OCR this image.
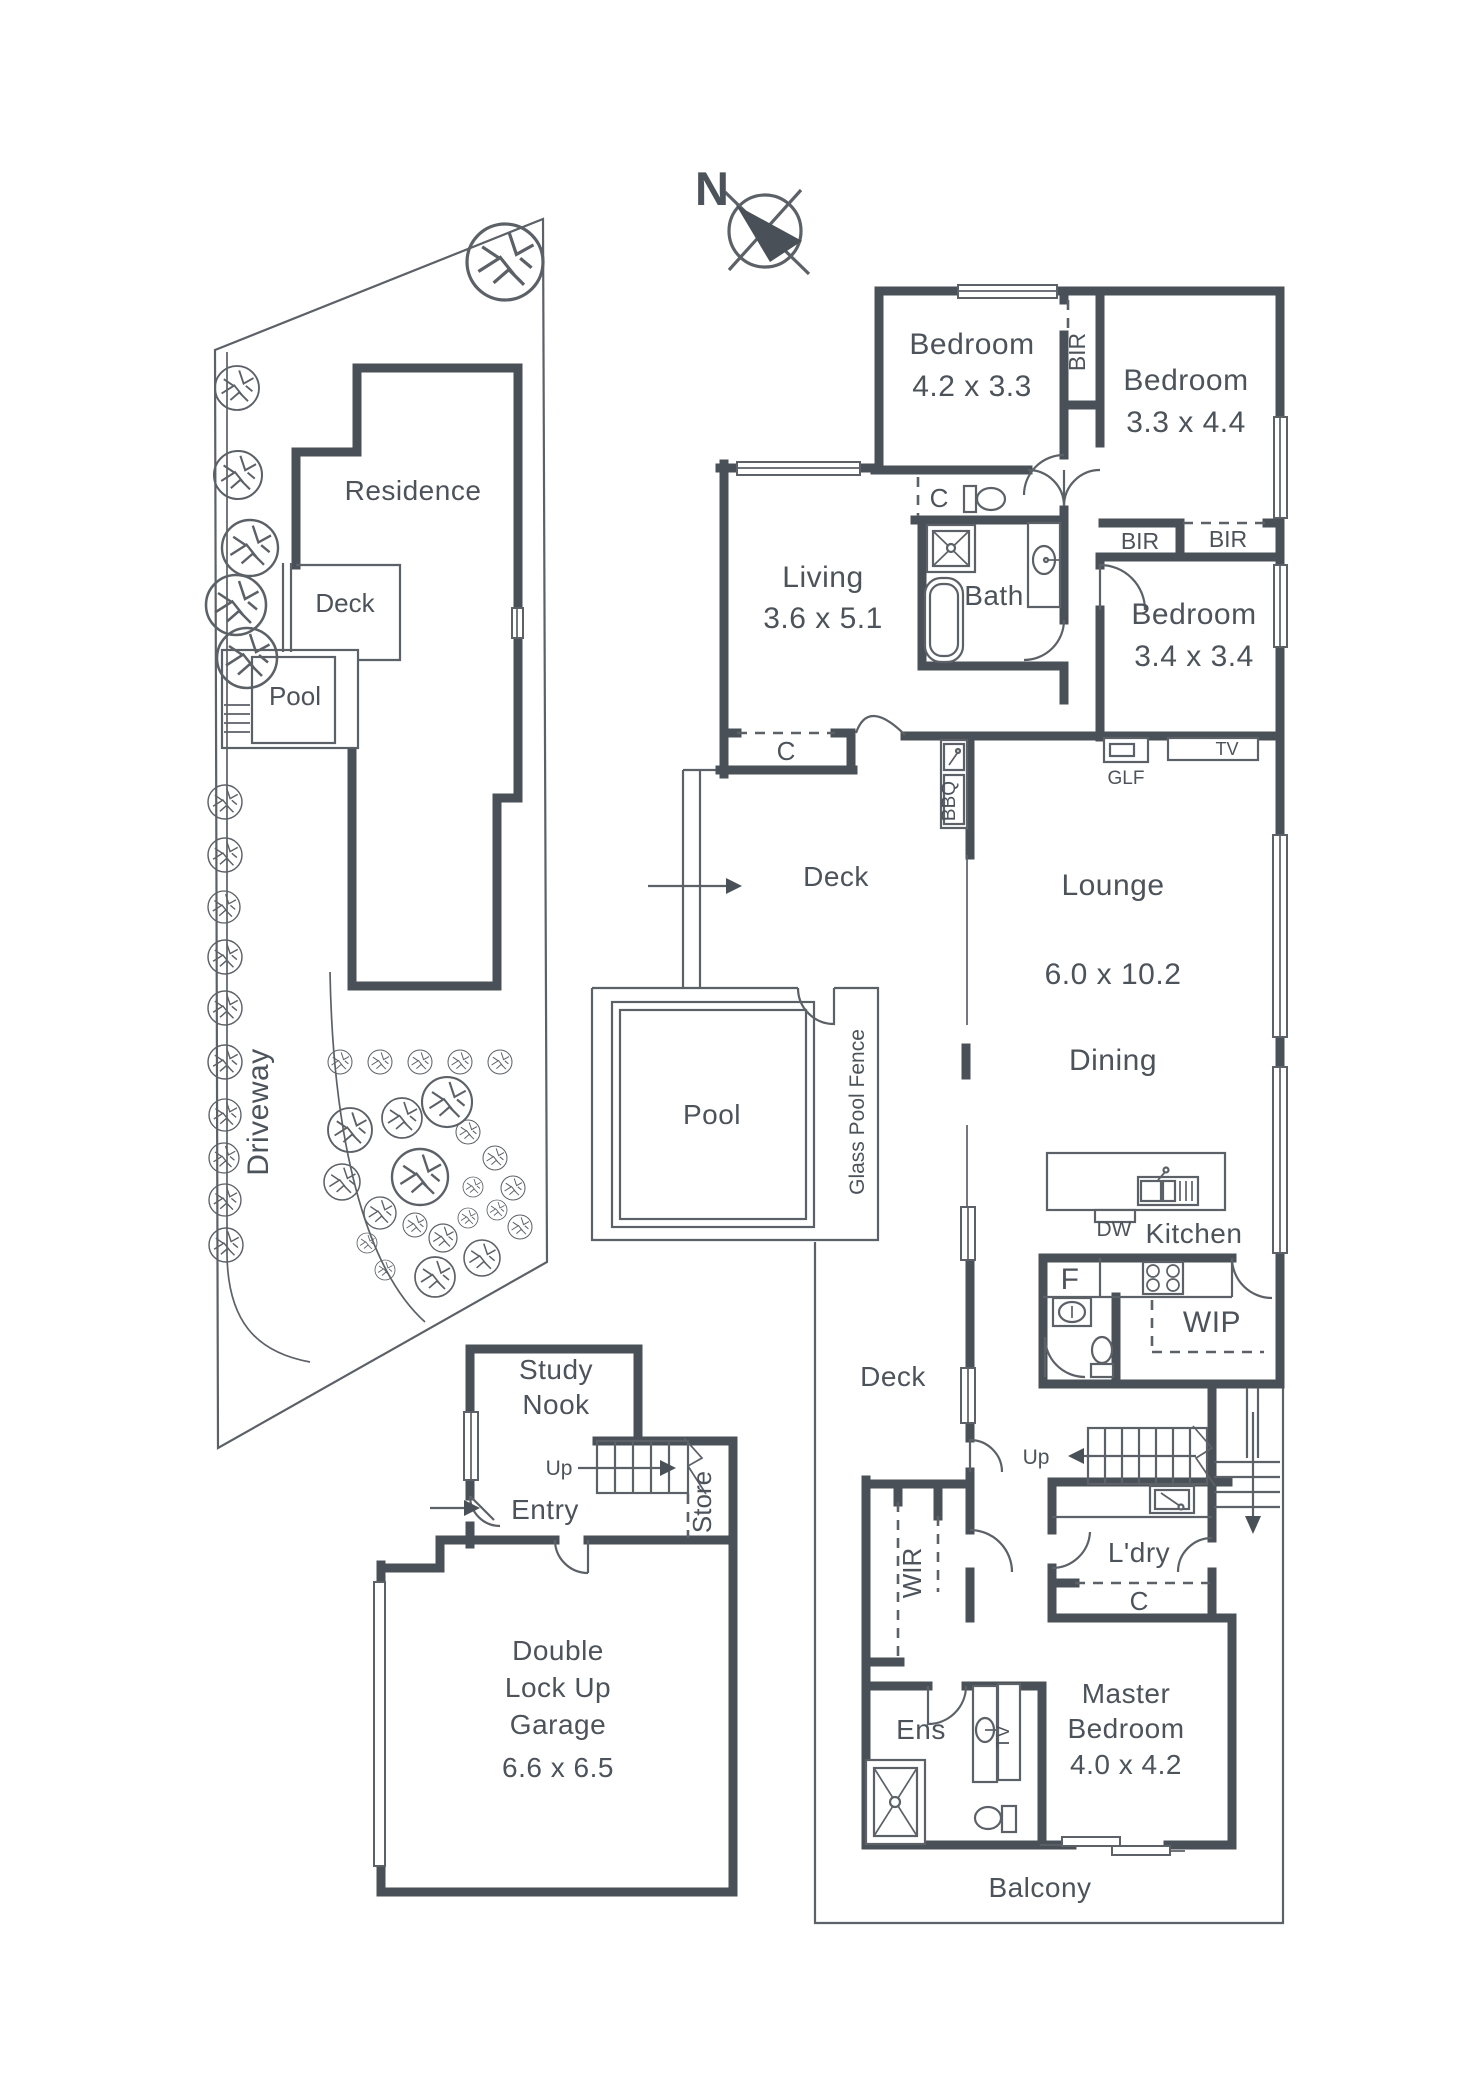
N
Residence
Deck
Pool
Driveway
Bedroom
4.2 x 3.3
BIR
Bedroom
3.3 x 4.4
C
Living
3.6 x 5.1
Bath
BIR BIR
Bedroom
3.4 x 3.4
GLF
TV
C
Deck
BBQ
Lounge
6.0 x 10.2
Dining
Pool	Glass Pool Fence
DW Kitchen
F
WIP
Deck
Up
Study
Nook
Up
Store
Entry
WIR	L'dry
C
Double
Lock Up
Garage
6.6 x 6.5
Ens	TV
Master
Bedroom
4.0 x 4.2
Balcony
